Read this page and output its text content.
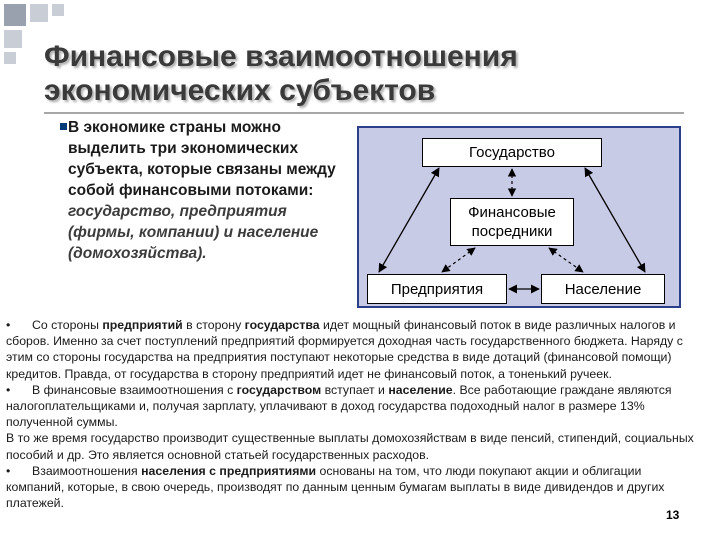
Финансовые взаимоотношения
экономических субъектов
В экономике страны можно выделить три экономических субъекта, которые связаны между собой финансовыми потоками: государство, предприятия (фирмы, компании) и население (домохозяйства).
Государство
Финансовые
посредники
Предприятия	Население

• Со стороны предприятий в сторону государства идет мощный финансовый поток в виде различных налогов и сборов. Именно за счет поступлений предприятий формируется доходная часть государственного бюджета. Наряду с этим со стороны государства на предприятия поступают некоторые средства в виде дотаций (финансовой помощи) кредитов. Правда, от государства в сторону предприятий идет не финансовый поток, а тоненький ручеек.

• В финансовые взаимоотношения с государством вступает и население. Все работающие граждане являются налогоплательщиками и, получая зарплату, уплачивают в доход государства подоходный налог в размере 13% полученной суммы.

В то же время государство производит существенные выплаты домохозяйствам в виде пенсий, стипендий, социальных пособий и др. Это является основной статьей государственных расходов.

• Взаимоотношения населения с предприятиями основаны на том, что люди покупают акции и облигации компаний, которые, в свою очередь, производят по данным ценным бумагам выплаты в виде дивидендов и других платежей.

13
